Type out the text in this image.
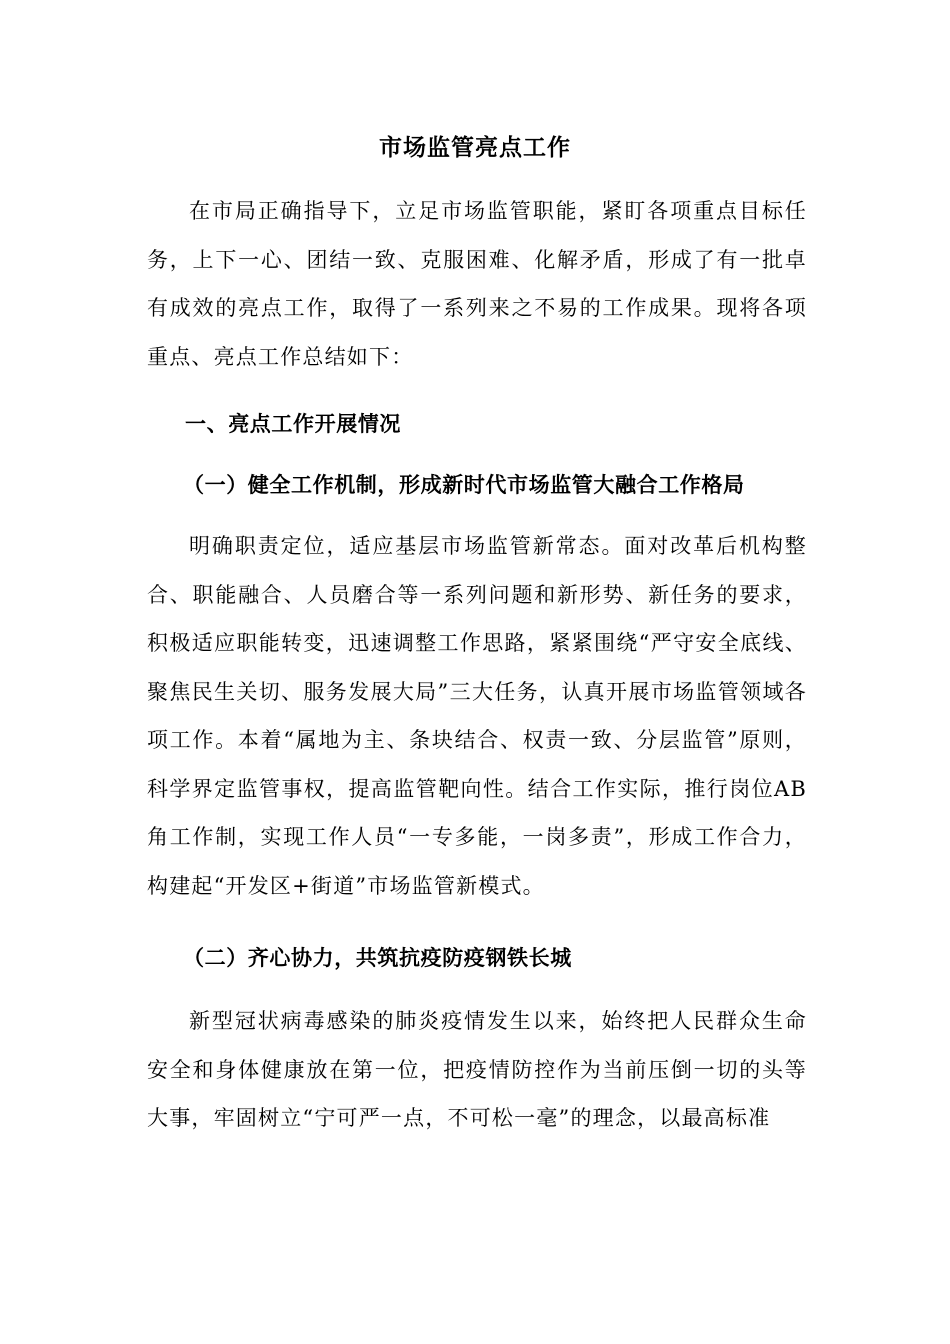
市场监管亮点工作

在市局正确指导下，立足市场监管职能，紧盯各项重点目标任务，上下一心、团结一致、克服困难、化解矛盾，形成了有一批卓有成效的亮点工作，取得了一系列来之不易的工作成果。现将各项重点、亮点工作总结如下：

一、亮点工作开展情况

（一）健全工作机制，形成新时代市场监管大融合工作格局

明确职责定位，适应基层市场监管新常态。面对改革后机构整合、职能融合、人员磨合等一系列问题和新形势、新任务的要求，积极适应职能转变，迅速调整工作思路，紧紧围绕“严守安全底线、聚焦民生关切、服务发展大局”三大任务，认真开展市场监管领域各项工作。本着“属地为主、条块结合、权责一致、分层监管”原则，科学界定监管事权，提高监管靶向性。结合工作实际，推行岗位AB角工作制，实现工作人员“一专多能，一岗多责”，形成工作合力，构建起“开发区+街道”市场监管新模式。

（二）齐心协力，共筑抗疫防疫钢铁长城

新型冠状病毒感染的肺炎疫情发生以来，始终把人民群众生命安全和身体健康放在第一位，把疫情防控作为当前压倒一切的头等大事，牢固树立“宁可严一点，不可松一毫”的理念，以最高标准
